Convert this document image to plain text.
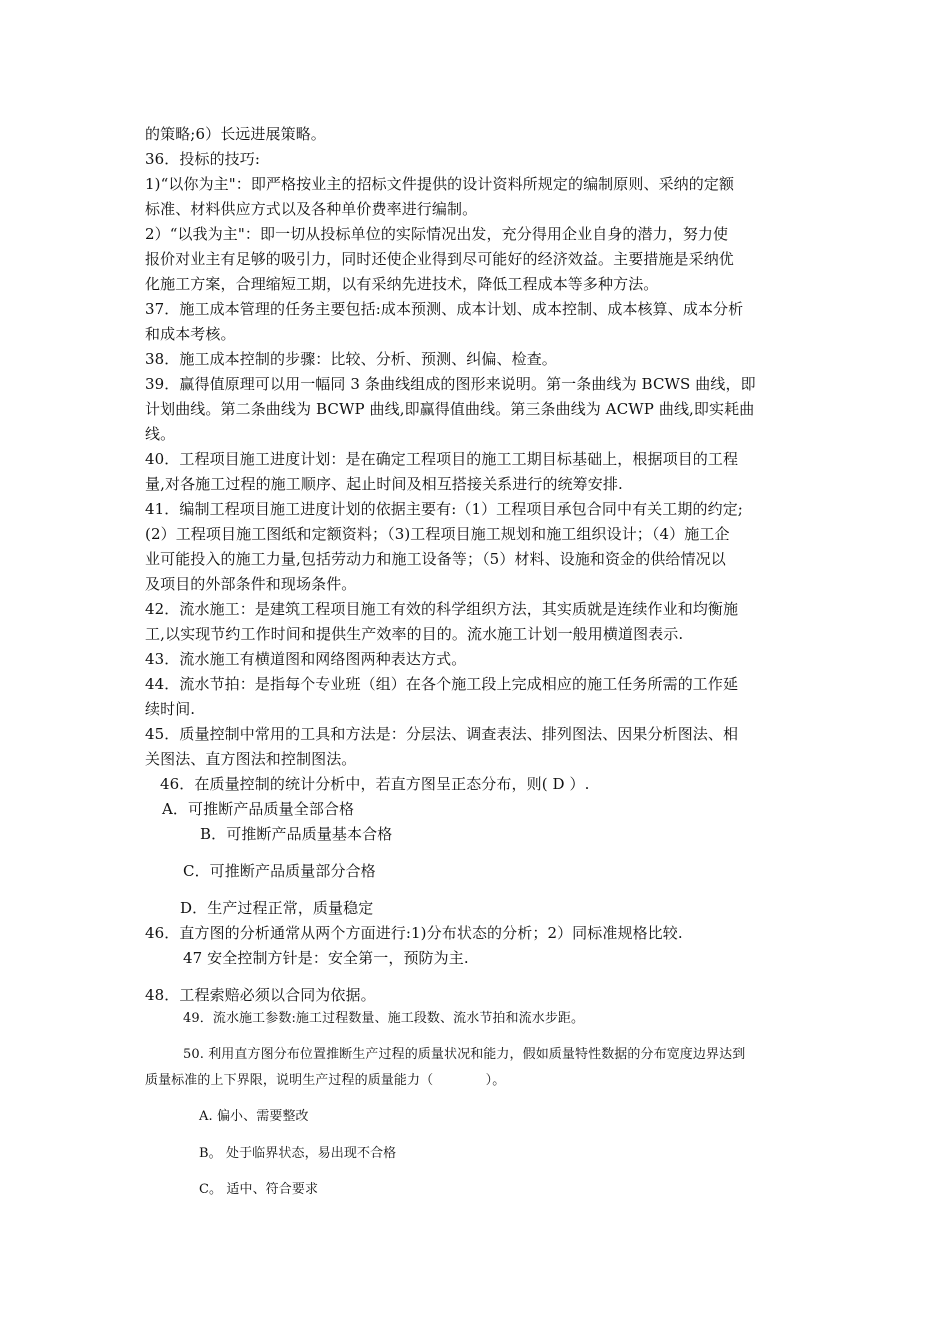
的策略;6）长远进展策略。
36．投标的技巧:
1)“以你为主"：即严格按业主的招标文件提供的设计资料所规定的编制原则、采纳的定额
标准、材料供应方式以及各种单价费率进行编制。
2）“以我为主"：即一切从投标单位的实际情况出发，充分得用企业自身的潜力，努力使
报价对业主有足够的吸引力，同时还使企业得到尽可能好的经济效益。主要措施是采纳优
化施工方案，合理缩短工期，以有采纳先进技术，降低工程成本等多种方法。
37．施工成本管理的任务主要包括:成本预测、成本计划、成本控制、成本核算、成本分析
和成本考核。
38．施工成本控制的步骤：比较、分析、预测、纠偏、检查。
39．赢得值原理可以用一幅同 3 条曲线组成的图形来说明。第一条曲线为 BCWS 曲线，即
计划曲线。第二条曲线为 BCWP 曲线,即赢得值曲线。第三条曲线为 ACWP 曲线,即实耗曲
线。
40．工程项目施工进度计划：是在确定工程项目的施工工期目标基础上，根据项目的工程
量,对各施工过程的施工顺序、起止时间及相互搭接关系进行的统筹安排.
41．编制工程项目施工进度计划的依据主要有:（1）工程项目承包合同中有关工期的约定;
(2）工程项目施工图纸和定额资料；（3)工程项目施工规划和施工组织设计；（4）施工企
业可能投入的施工力量,包括劳动力和施工设备等；（5）材料、设施和资金的供给情况以
及项目的外部条件和现场条件。
42．流水施工：是建筑工程项目施工有效的科学组织方法，其实质就是连续作业和均衡施
工,以实现节约工作时间和提供生产效率的目的。流水施工计划一般用横道图表示.
43．流水施工有横道图和网络图两种表达方式。
44．流水节拍：是指每个专业班（组）在各个施工段上完成相应的施工任务所需的工作延
续时间.
45．质量控制中常用的工具和方法是：分层法、调查表法、排列图法、因果分析图法、相
关图法、直方图法和控制图法。
46．在质量控制的统计分析中，若直方图呈正态分布，则( D ）.
A．可推断产品质量全部合格
B．可推断产品质量基本合格
C．可推断产品质量部分合格
D．生产过程正常，质量稳定
46．直方图的分析通常从两个方面进行:1)分布状态的分析；2）同标准规格比较.
47 安全控制方针是：安全第一，预防为主.
48．工程索赔必须以合同为依据。
49．流水施工参数:施工过程数量、施工段数、流水节拍和流水步距。
50. 利用直方图分布位置推断生产过程的质量状况和能力，假如质量特性数据的分布宽度边界达到
质量标准的上下界限，说明生产过程的质量能力（　　　　）。
A. 偏小、需要整改
B。 处于临界状态，易出现不合格
C。 适中、符合要求
